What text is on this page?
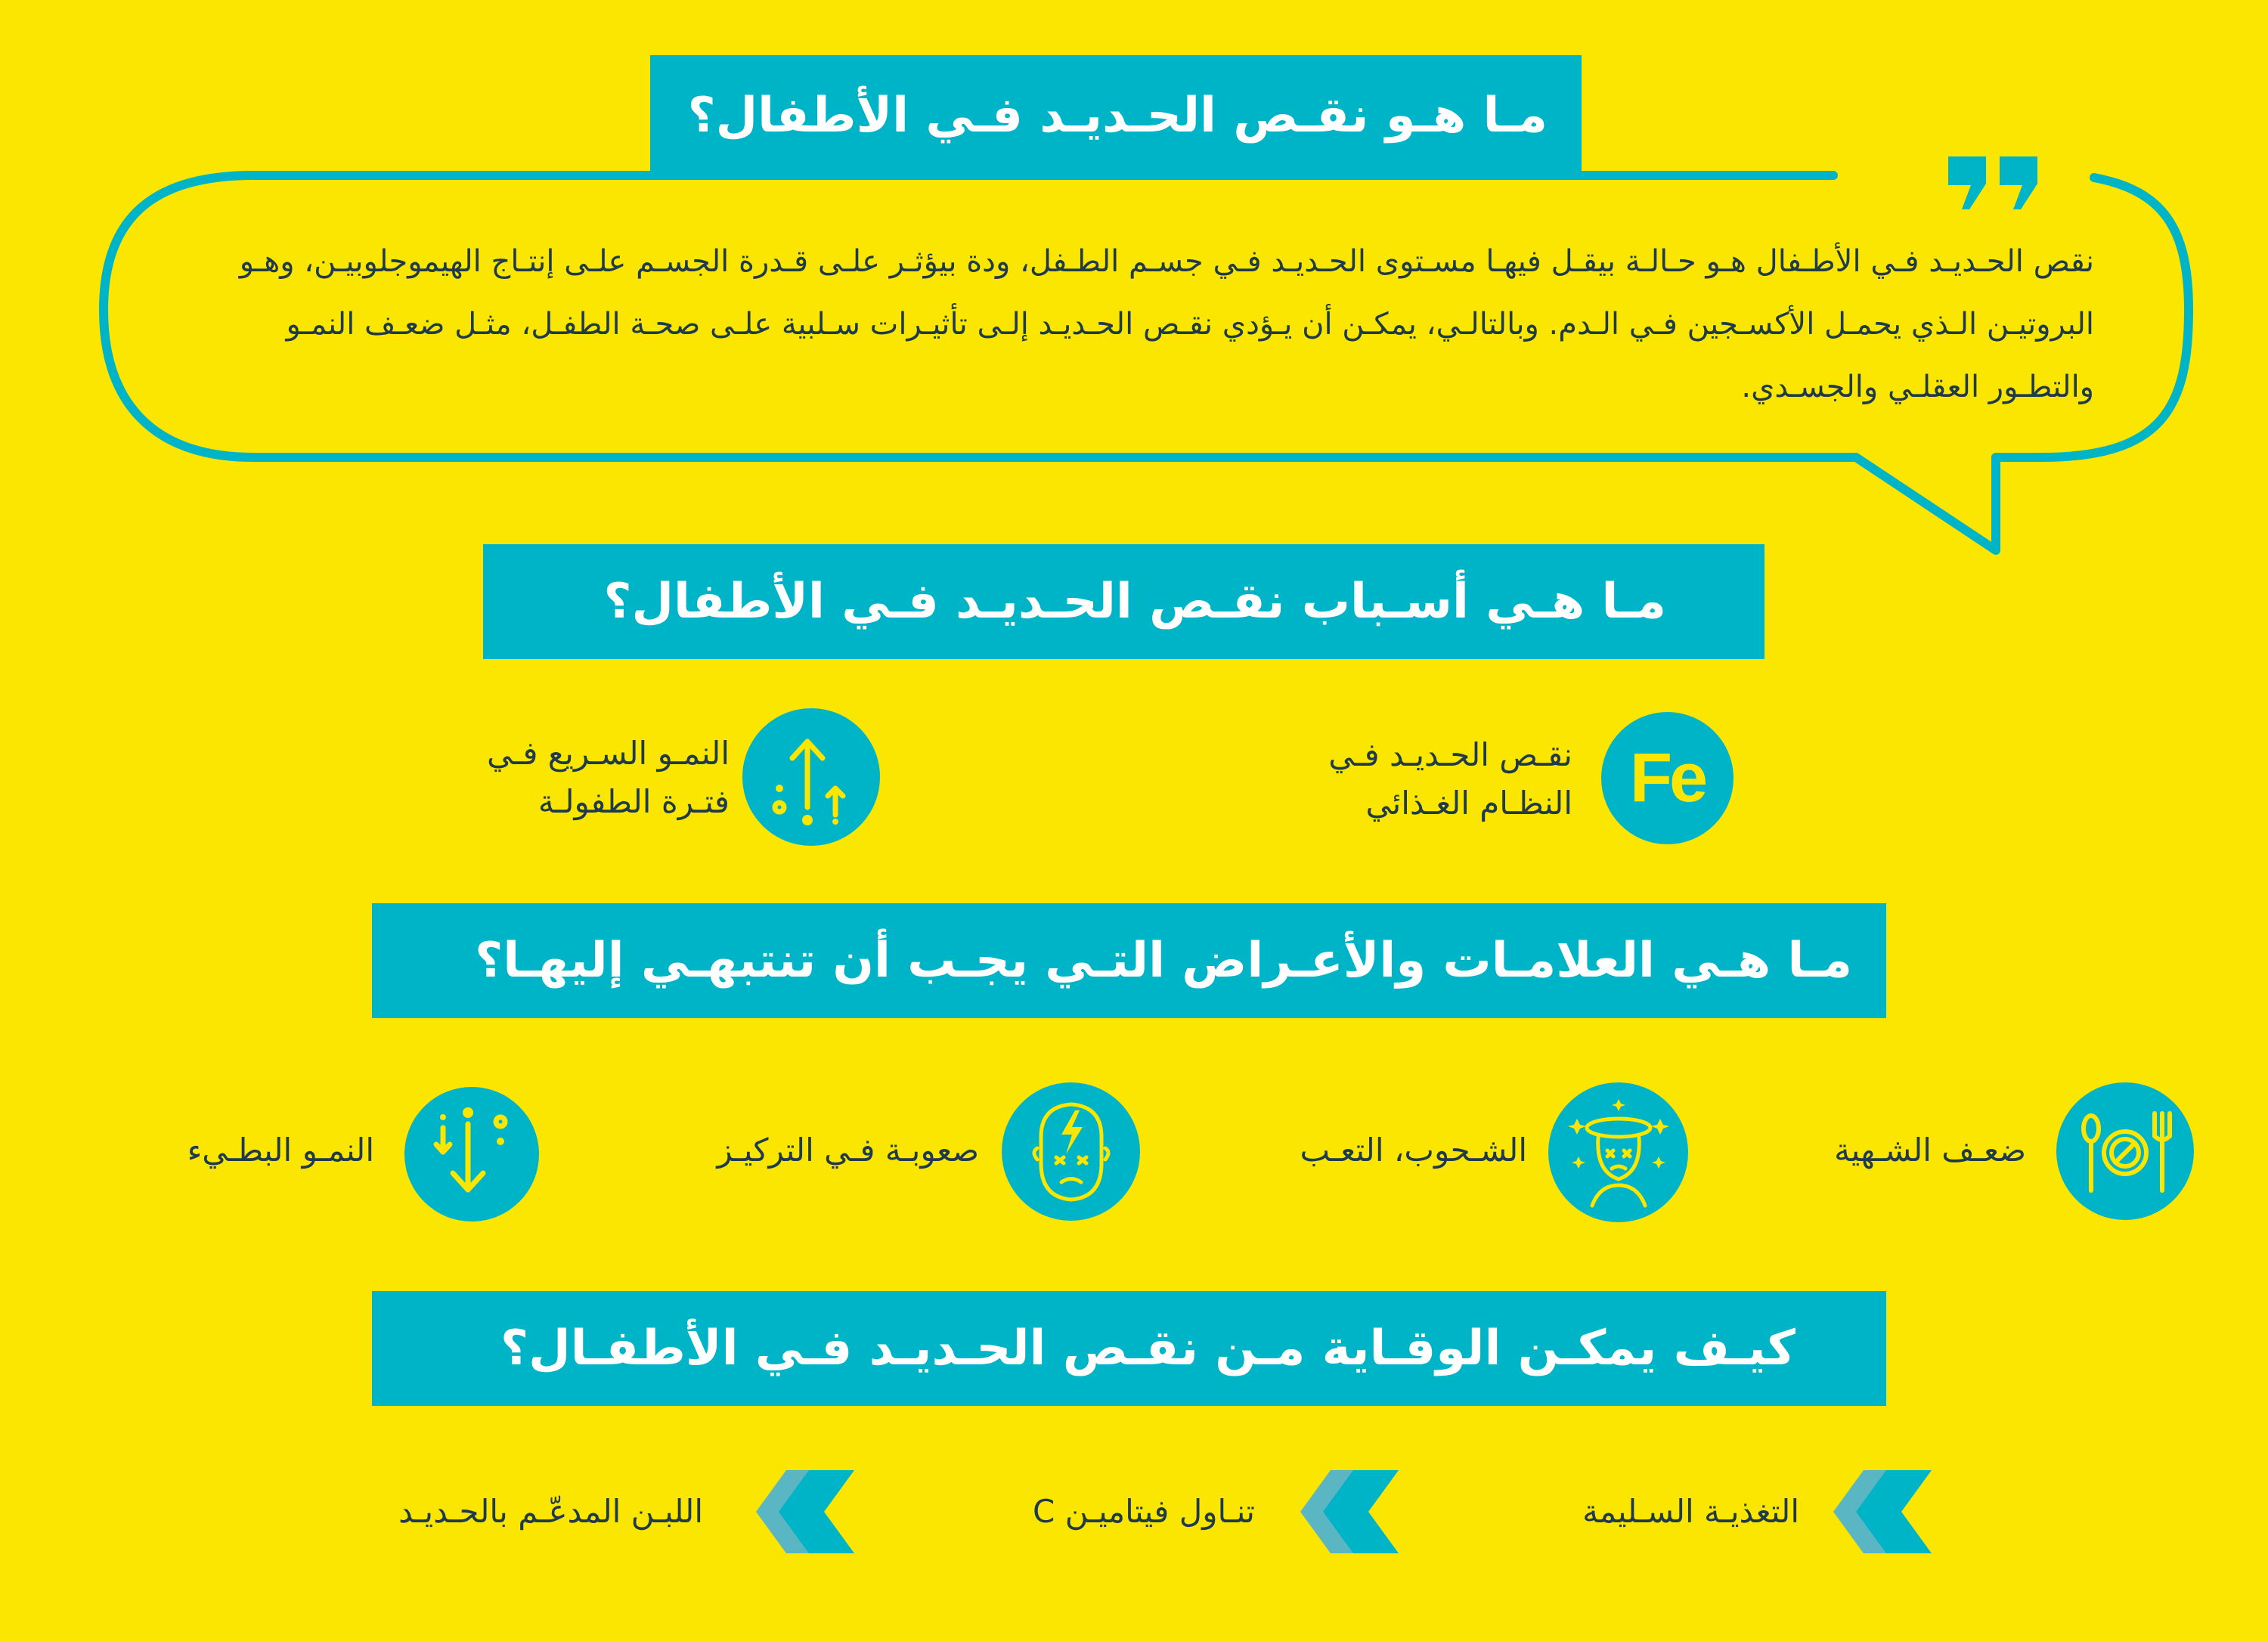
مـا هـو نقـص الحـديـد فـي الأطفال؟
نقص الحـديـد فـي الأطـفال هـو حـالـة بيقـل فيهـا مسـتوى الحـديـد فـي جسـم الطـفل، ودة بيؤثـر علـى قـدرة الجسـم علـى إنتـاج الهيموجلوبيـن، وهـو البروتيـن الـذي يحمـل الأكسـجين فـي الـدم. وبالتالـي، يمكـن أن يـؤدي نقـص الحـديـد إلـى تأثيـرات سـلبية علـى صحـة الطفـل، مثـل ضعـف النمـو والتطـور العقلـي والجسـدي.
مـا هـي أسـباب نقـص الحـديـد فـي الأطفال؟
Fe
نقـص الحـديـد فـي
النظـام الغـذائي
النمـو السـريع فـي
فتـرة الطفولـة
مـا هـي العلامـات والأعـراض التـي يجـب أن تنتبهـي إليهـا؟
ضعـف الشـهية
الشـحوب، التعـب
صعوبـة فـي التركيـز
النمـو البطـيء
كيـف يمكـن الوقـاية مـن نقـص الحـديـد فـي الأطفـال؟
التغذيـة السـليمة
تنـاول فيتاميـن C
اللبـن المدعّـم بالحـديـد
